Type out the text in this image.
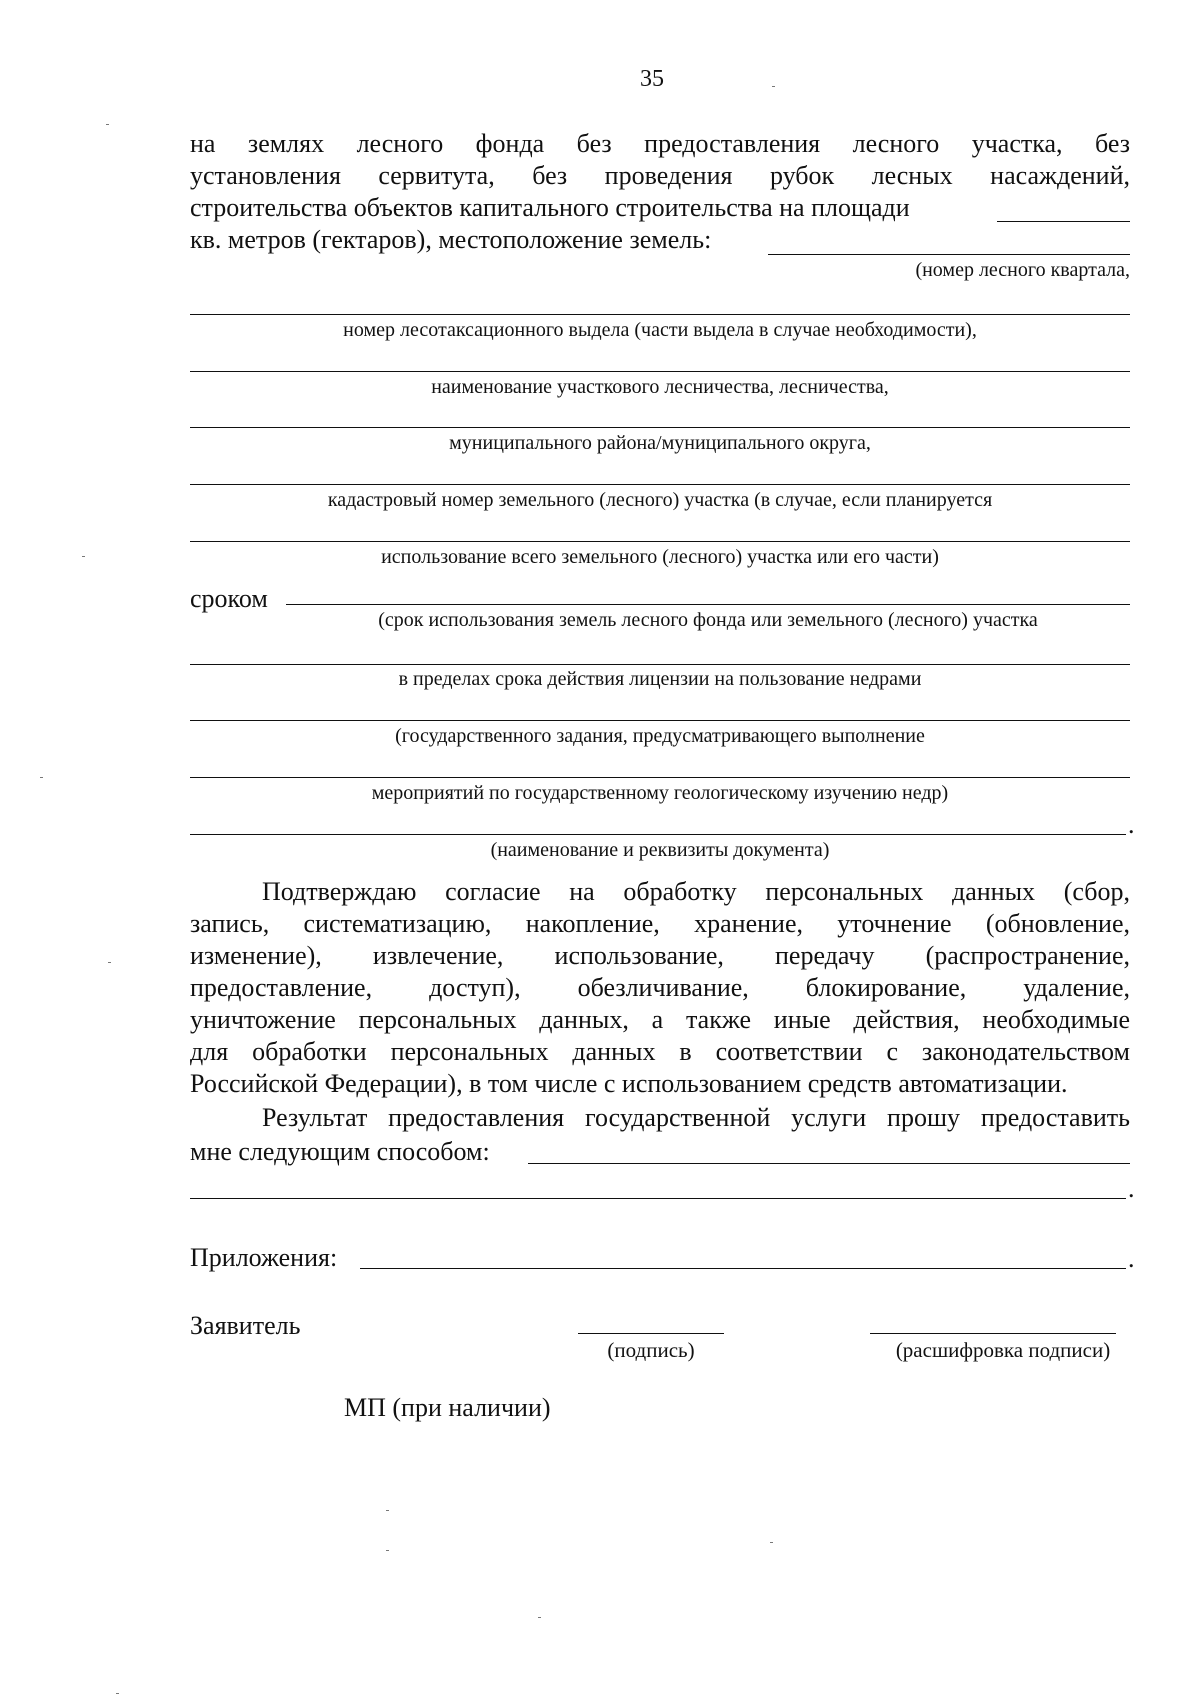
35
на землях лесного фонда без предоставления лесного участка, без
установления сервитута, без проведения рубок лесных насаждений,
строительства объектов капитального строительства на площади
кв. метров (гектаров), местоположение земель:
(номер лесного квартала,
номер лесотаксационного выдела (части выдела в случае необходимости),
наименование участкового лесничества, лесничества,
муниципального района/муниципального округа,
кадастровый номер земельного (лесного) участка (в случае, если планируется
использование всего земельного (лесного) участка или его части)
сроком
(срок использования земель лесного фонда или земельного (лесного) участка
в пределах срока действия лицензии на пользование недрами
(государственного задания, предусматривающего выполнение
мероприятий по государственному геологическому изучению недр)
.
(наименование и реквизиты документа)
Подтверждаю согласие на обработку персональных данных (сбор,
запись, систематизацию, накопление, хранение, уточнение (обновление,
изменение), извлечение, использование, передачу (распространение,
предоставление, доступ), обезличивание, блокирование, удаление,
уничтожение персональных данных, а также иные действия, необходимые
для обработки персональных данных в соответствии с законодательством
Российской Федерации), в том числе с использованием средств автоматизации.
Результат предоставления государственной услуги прошу предоставить
мне следующим способом:
.
Приложения:	.
Заявитель
(подпись)	(расшифровка подписи)
МП (при наличии)
